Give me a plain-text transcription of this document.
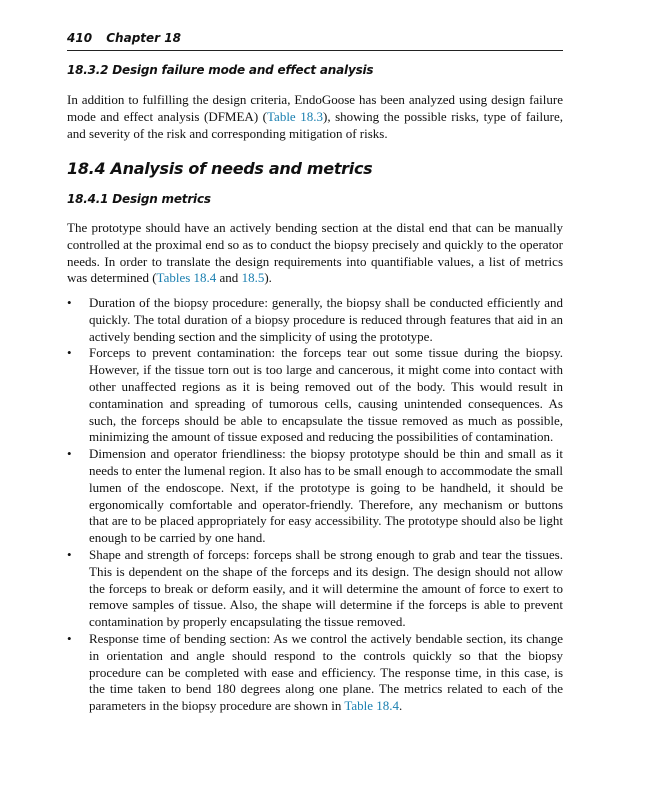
410 Chapter 18
18.3.2 Design failure mode and effect analysis

In addition to fulfilling the design criteria, EndoGoose has been analyzed using design failure mode and effect analysis (DFMEA) (Table 18.3), showing the possible risks, type of failure, and severity of the risk and corresponding mitigation of risks.

18.4 Analysis of needs and metrics
18.4.1 Design metrics

The prototype should have an actively bending section at the distal end that can be manually controlled at the proximal end so as to conduct the biopsy precisely and quickly to the operator needs. In order to translate the design requirements into quantifiable values, a list of metrics was determined (Tables 18.4 and 18.5).

• Duration of the biopsy procedure: generally, the biopsy shall be conducted efficiently and quickly. The total duration of a biopsy procedure is reduced through features that aid in an actively bending section and the simplicity of using the prototype.
• Forceps to prevent contamination: the forceps tear out some tissue during the biopsy. However, if the tissue torn out is too large and cancerous, it might come into contact with other unaffected regions as it is being removed out of the body. This would result in contamination and spreading of tumorous cells, causing unintended consequences. As such, the forceps should be able to encapsulate the tissue removed as much as possible, minimizing the amount of tissue exposed and reducing the possibilities of contamination.
• Dimension and operator friendliness: the biopsy prototype should be thin and small as it needs to enter the lumenal region. It also has to be small enough to accommodate the small lumen of the endoscope. Next, if the prototype is going to be handheld, it should be ergonomically comfortable and operator-friendly. Therefore, any mechanism or buttons that are to be placed appropriately for easy accessibility. The prototype should also be light enough to be carried by one hand.
• Shape and strength of forceps: forceps shall be strong enough to grab and tear the tissues. This is dependent on the shape of the forceps and its design. The design should not allow the forceps to break or deform easily, and it will determine the amount of force to exert to remove samples of tissue. Also, the shape will determine if the forceps is able to prevent contamination by properly encapsulating the tissue removed.
• Response time of bending section: As we control the actively bendable section, its change in orientation and angle should respond to the controls quickly so that the biopsy procedure can be completed with ease and efficiency. The response time, in this case, is the time taken to bend 180 degrees along one plane. The metrics related to each of the parameters in the biopsy procedure are shown in Table 18.4.
